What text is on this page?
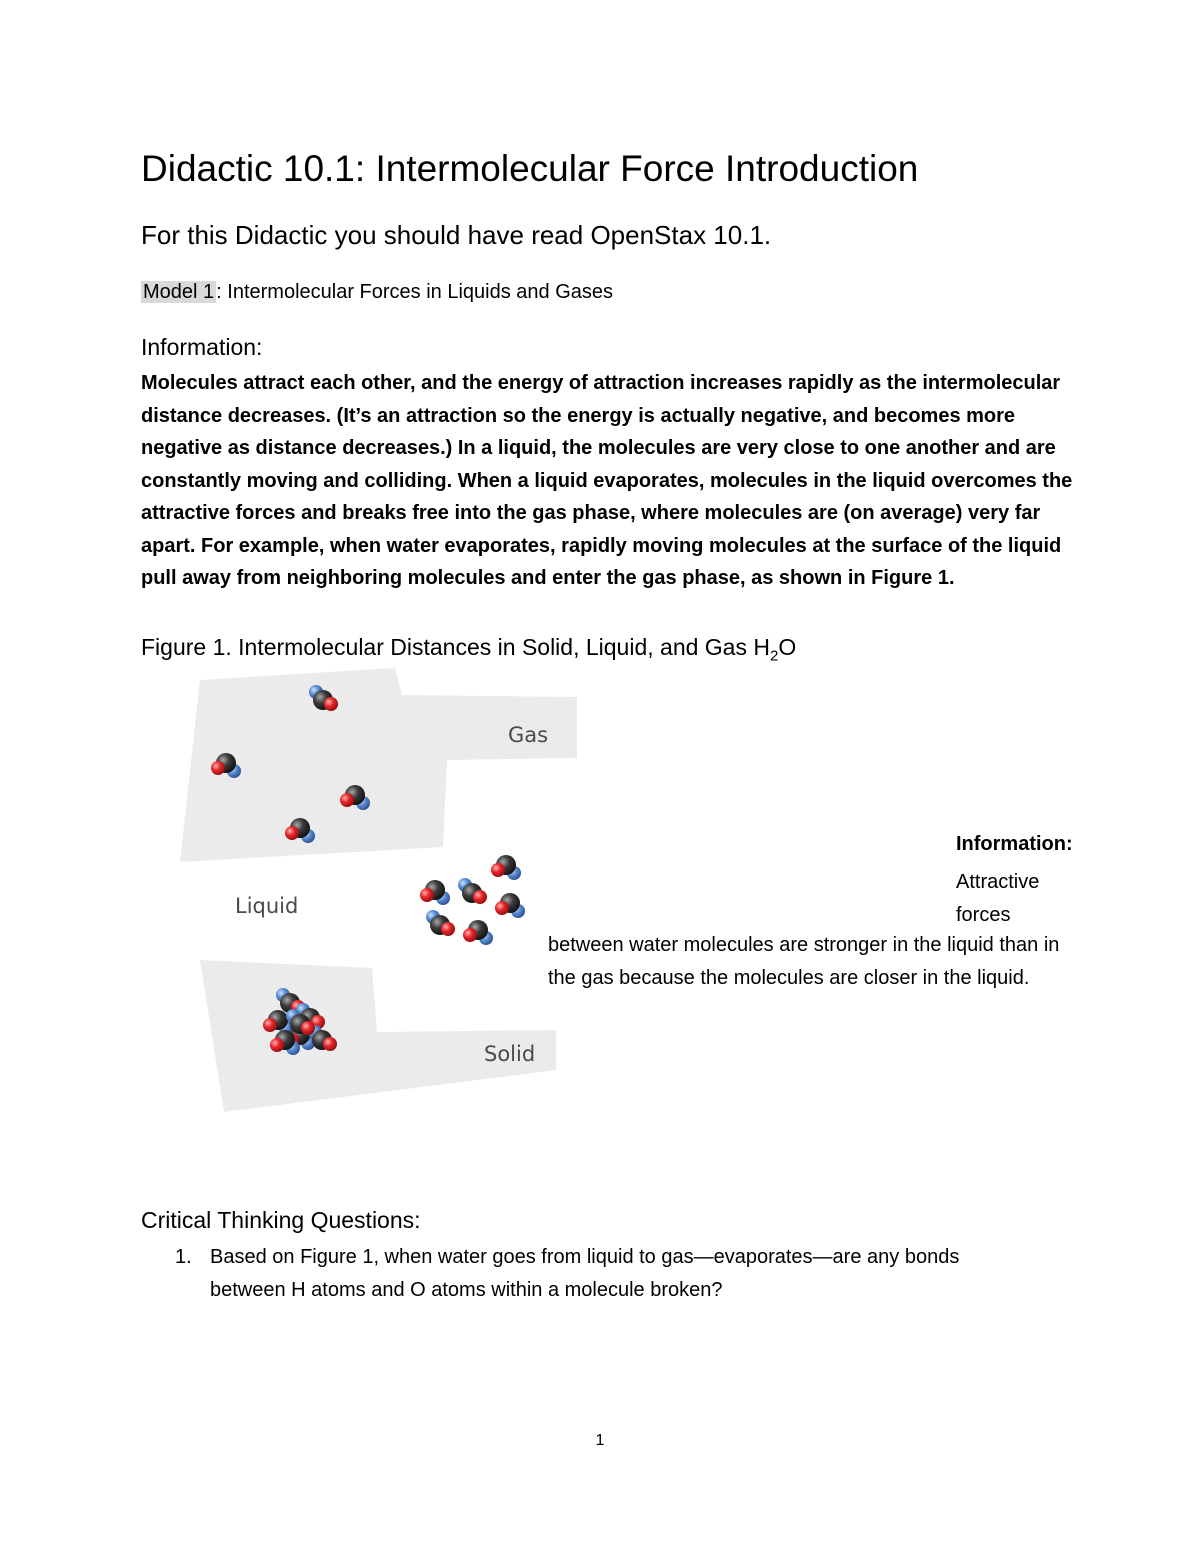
Didactic 10.1: Intermolecular Force Introduction

For this Didactic you should have read OpenStax 10.1.

Model 1 : Intermolecular Forces in Liquids and Gases
Information:

Molecules attract each other, and the energy of attraction increases rapidly as the intermolecular distance decreases. (It’s an attraction so the energy is actually negative, and becomes more negative as distance decreases.) In a liquid, the molecules are very close to one another and are constantly moving and colliding. When a liquid evaporates, molecules in the liquid overcomes the attractive forces and breaks free into the gas phase, where molecules are (on average) very far apart. For example, when water evaporates, rapidly moving molecules at the surface of the liquid pull away from neighboring molecules and enter the gas phase, as shown in Figure 1.

Figure 1. Intermolecular Distances in Solid, Liquid, and Gas $H_2O$

Gas
Liquid
Solid
Information:
Attractive forces
between water molecules are stronger in the liquid than in the gas because the molecules are closer in the liquid.
Critical Thinking Questions:
1. Based on Figure 1, when water goes from liquid to gas—evaporates—are any bonds between H atoms and O atoms within a molecule broken?
1
